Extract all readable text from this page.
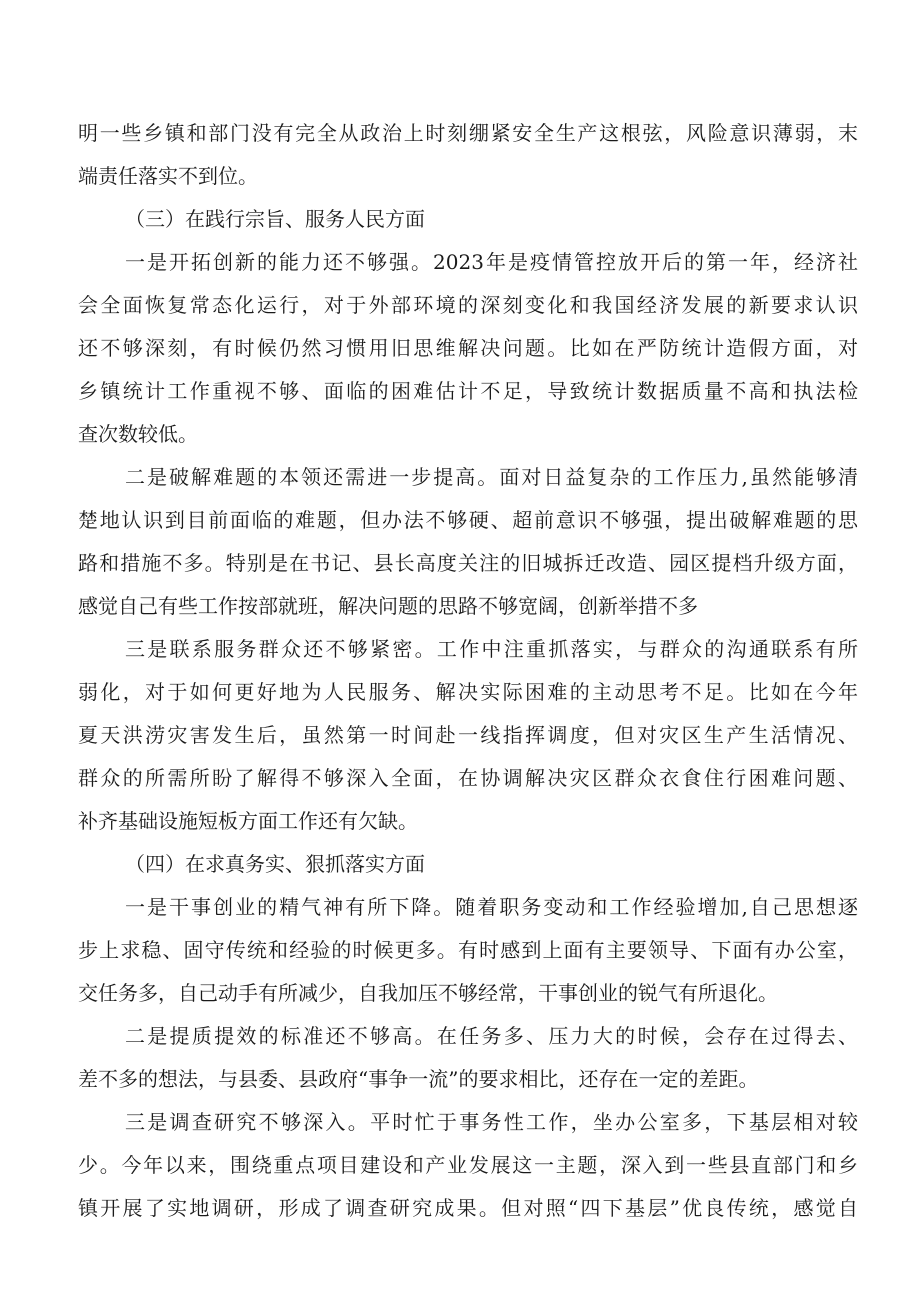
明一些乡镇和部门没有完全从政治上时刻绷紧安全生产这根弦，风险意识薄弱，末
端责任落实不到位。
（三）在践行宗旨、服务人民方面
一是开拓创新的能力还不够强。2023年是疫情管控放开后的第一年，经济社
会全面恢复常态化运行，对于外部环境的深刻变化和我国经济发展的新要求认识
还不够深刻，有时候仍然习惯用旧思维解决问题。比如在严防统计造假方面，对
乡镇统计工作重视不够、面临的困难估计不足，导致统计数据质量不高和执法检
查次数较低。
二是破解难题的本领还需进一步提高。面对日益复杂的工作压力,虽然能够清
楚地认识到目前面临的难题，但办法不够硬、超前意识不够强，提出破解难题的思
路和措施不多。特别是在书记、县长高度关注的旧城拆迁改造、园区提档升级方面，
感觉自己有些工作按部就班，解决问题的思路不够宽阔，创新举措不多
三是联系服务群众还不够紧密。工作中注重抓落实，与群众的沟通联系有所
弱化，对于如何更好地为人民服务、解决实际困难的主动思考不足。比如在今年
夏天洪涝灾害发生后，虽然第一时间赴一线指挥调度，但对灾区生产生活情况、
群众的所需所盼了解得不够深入全面，在协调解决灾区群众衣食住行困难问题、
补齐基础设施短板方面工作还有欠缺。
（四）在求真务实、狠抓落实方面
一是干事创业的精气神有所下降。随着职务变动和工作经验增加,自己思想逐
步上求稳、固守传统和经验的时候更多。有时感到上面有主要领导、下面有办公室，
交任务多，自己动手有所减少，自我加压不够经常，干事创业的锐气有所退化。
二是提质提效的标准还不够高。在任务多、压力大的时候，会存在过得去、
差不多的想法，与县委、县政府“事争一流”的要求相比，还存在一定的差距。
三是调查研究不够深入。平时忙于事务性工作，坐办公室多，下基层相对较
少。今年以来，围绕重点项目建设和产业发展这一主题，深入到一些县直部门和乡
镇开展了实地调研，形成了调查研究成果。但对照“四下基层”优良传统，感觉自
